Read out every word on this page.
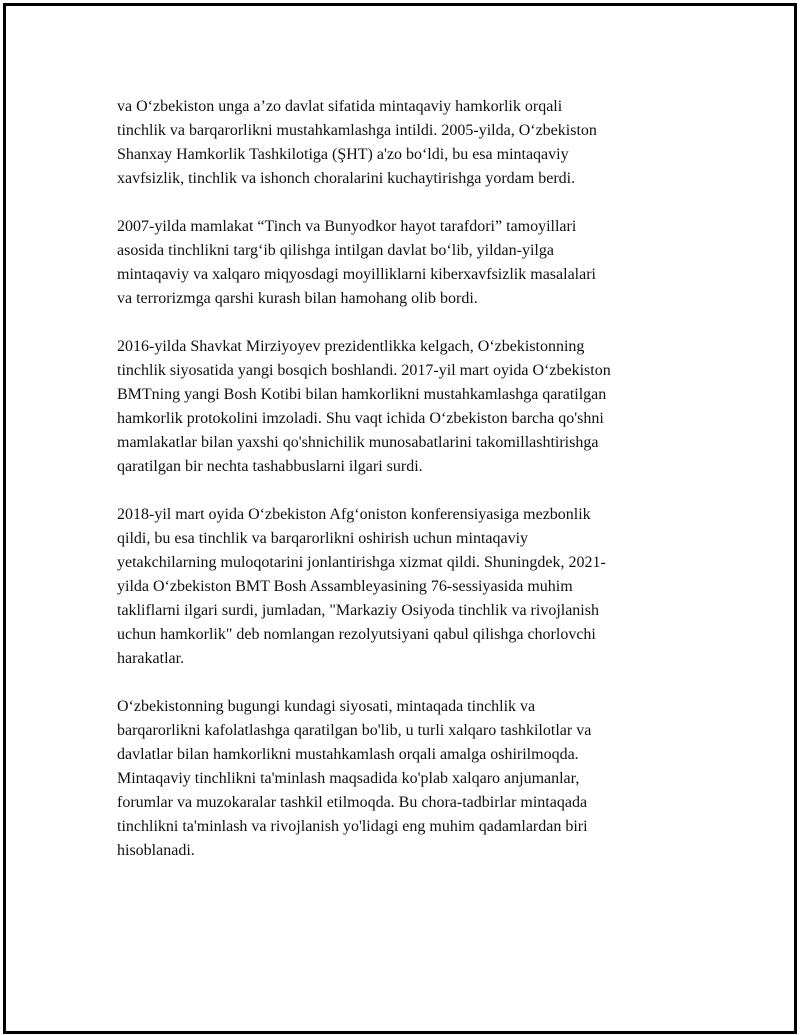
va O‘zbekiston unga a’zo davlat sifatida mintaqaviy hamkorlik orqali
tinchlik va barqarorlikni mustahkamlashga intildi. 2005-yilda, O‘zbekiston
Shanxay Hamkorlik Tashkilotiga (ŞHT) a'zo bo‘ldi, bu esa mintaqaviy
xavfsizlik, tinchlik va ishonch choralarini kuchaytirishga yordam berdi.

2007-yilda mamlakat “Tinch va Bunyodkor hayot tarafdori” tamoyillari
asosida tinchlikni targ‘ib qilishga intilgan davlat bo‘lib, yildan-yilga
mintaqaviy va xalqaro miqyosdagi moyilliklarni kiberxavfsizlik masalalari
va terrorizmga qarshi kurash bilan hamohang olib bordi.

2016-yilda Shavkat Mirziyoyev prezidentlikka kelgach, O‘zbekistonning
tinchlik siyosatida yangi bosqich boshlandi. 2017-yil mart oyida O‘zbekiston
BMTning yangi Bosh Kotibi bilan hamkorlikni mustahkamlashga qaratilgan
hamkorlik protokolini imzoladi. Shu vaqt ichida O‘zbekiston barcha qo'shni
mamlakatlar bilan yaxshi qo'shnichilik munosabatlarini takomillashtirishga
qaratilgan bir nechta tashabbuslarni ilgari surdi.

2018-yil mart oyida O‘zbekiston Afg‘oniston konferensiyasiga mezbonlik
qildi, bu esa tinchlik va barqarorlikni oshirish uchun mintaqaviy
yetakchilarning muloqotarini jonlantirishga xizmat qildi. Shuningdek, 2021-
yilda O‘zbekiston BMT Bosh Assambleyasining 76-sessiyasida muhim
takliflarni ilgari surdi, jumladan, "Markaziy Osiyoda tinchlik va rivojlanish
uchun hamkorlik" deb nomlangan rezolyutsiyani qabul qilishga chorlovchi
harakatlar.

O‘zbekistonning bugungi kundagi siyosati, mintaqada tinchlik va
barqarorlikni kafolatlashga qaratilgan bo'lib, u turli xalqaro tashkilotlar va
davlatlar bilan hamkorlikni mustahkamlash orqali amalga oshirilmoqda.
Mintaqaviy tinchlikni ta'minlash maqsadida ko'plab xalqaro anjumanlar,
forumlar va muzokaralar tashkil etilmoqda. Bu chora-tadbirlar mintaqada
tinchlikni ta'minlash va rivojlanish yo'lidagi eng muhim qadamlardan biri
hisoblanadi.
